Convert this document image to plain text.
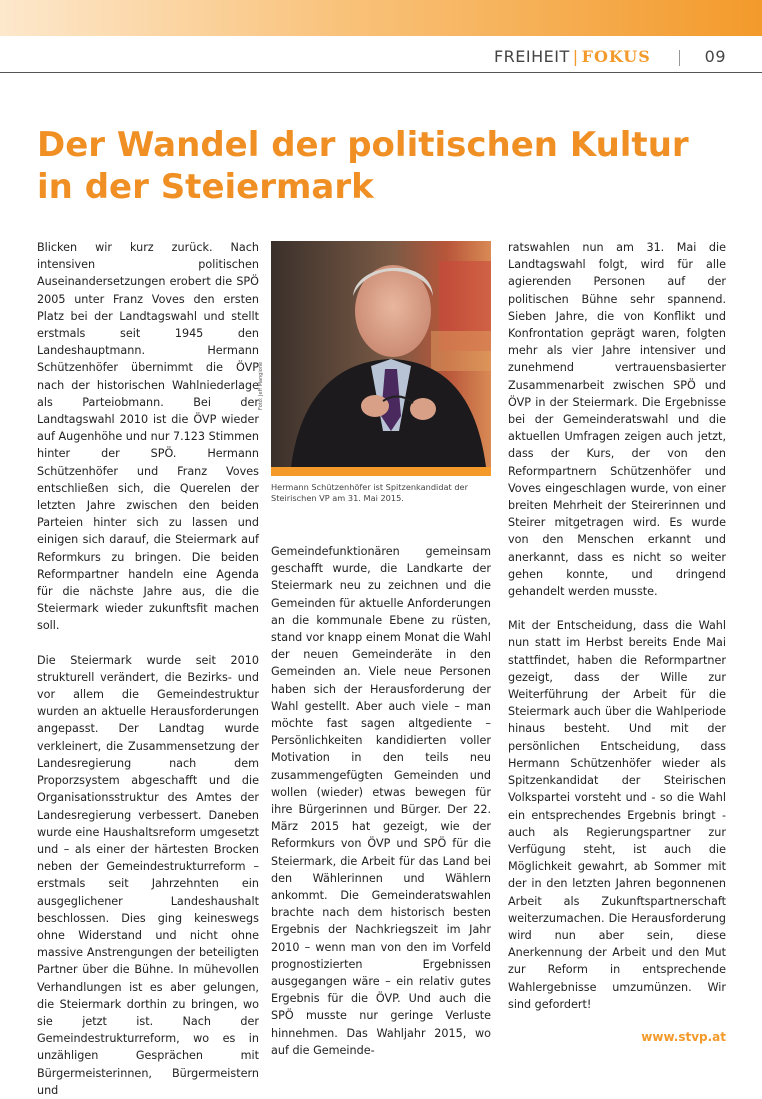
FREIHEIT | FOKUS | 09
Der Wandel der politischen Kultur
in der Steiermark

Blicken wir kurz zurück. Nach intensiven politischen Auseinandersetzungen erobert die SPÖ 2005 unter Franz Voves den ersten Platz bei der Landtagswahl und stellt erstmals seit 1945 den Landeshauptmann. Hermann Schützenhöfer übernimmt die ÖVP nach der historischen Wahlniederlage als Parteiobmann. Bei der Landtagswahl 2010 ist die ÖVP wieder auf Augenhöhe und nur 7.123 Stimmen hinter der SPÖ. Hermann Schützenhöfer und Franz Voves entschließen sich, die Querelen der letzten Jahre zwischen den beiden Parteien hinter sich zu lassen und einigen sich darauf, die Steiermark auf Reformkurs zu bringen. Die beiden Reformpartner handeln eine Agenda für die nächste Jahre aus, die die Steiermark wieder zukunftsfit machen soll.

Die Steiermark wurde seit 2010 strukturell verändert, die Bezirks- und vor allem die Gemeindestruktur wurden an aktuelle Herausforderungen angepasst. Der Landtag wurde verkleinert, die Zusammensetzung der Landesregierung nach dem Proporzsystem abgeschafft und die Organisationsstruktur des Amtes der Landesregierung verbessert. Daneben wurde eine Haushaltsreform umgesetzt und – als einer der härtesten Brocken neben der Gemeindestrukturreform – erstmals seit Jahrzehnten ein ausgeglichener Landeshaushalt beschlossen. Dies ging keineswegs ohne Widerstand und nicht ohne massive Anstrengungen der beteiligten Partner über die Bühne. In mühevollen Verhandlungen ist es aber gelungen, die Steiermark dorthin zu bringen, wo sie jetzt ist. Nach der Gemeindestrukturreform, wo es in unzähligen Gesprächen mit Bürgermeisterinnen, Bürgermeistern und

Foto: Jeff Mangione
Hermann Schützenhöfer ist Spitzenkandidat der Steirischen VP am 31. Mai 2015.

Gemeindefunktionären gemeinsam geschafft wurde, die Landkarte der Steiermark neu zu zeichnen und die Gemeinden für aktuelle Anforderungen an die kommunale Ebene zu rüsten, stand vor knapp einem Monat die Wahl der neuen Gemeinderäte in den Gemeinden an. Viele neue Personen haben sich der Herausforderung der Wahl gestellt. Aber auch viele – man möchte fast sagen altgediente – Persönlichkeiten kandidierten voller Motivation in den teils neu zusammengefügten Gemeinden und wollen (wieder) etwas bewegen für ihre Bürgerinnen und Bürger. Der 22. März 2015 hat gezeigt, wie der Reformkurs von ÖVP und SPÖ für die Steiermark, die Arbeit für das Land bei den Wählerinnen und Wählern ankommt. Die Gemeinderatswahlen brachte nach dem historisch besten Ergebnis der Nachkriegszeit im Jahr 2010 – wenn man von den im Vorfeld prognostizierten Ergebnissen ausgegangen wäre – ein relativ gutes Ergebnis für die ÖVP. Und auch die SPÖ musste nur geringe Verluste hinnehmen. Das Wahljahr 2015, wo auf die Gemeinde-

ratswahlen nun am 31. Mai die Landtagswahl folgt, wird für alle agierenden Personen auf der politischen Bühne sehr spannend. Sieben Jahre, die von Konflikt und Konfrontation geprägt waren, folgten mehr als vier Jahre intensiver und zunehmend vertrauensbasierter Zusammenarbeit zwischen SPÖ und ÖVP in der Steiermark. Die Ergebnisse bei der Gemeinderatswahl und die aktuellen Umfragen zeigen auch jetzt, dass der Kurs, der von den Reformpartnern Schützenhöfer und Voves eingeschlagen wurde, von einer breiten Mehrheit der Steirerinnen und Steirer mitgetragen wird. Es wurde von den Menschen erkannt und anerkannt, dass es nicht so weiter gehen konnte, und dringend gehandelt werden musste.

Mit der Entscheidung, dass die Wahl nun statt im Herbst bereits Ende Mai stattfindet, haben die Reformpartner gezeigt, dass der Wille zur Weiterführung der Arbeit für die Steiermark auch über die Wahlperiode hinaus besteht. Und mit der persönlichen Entscheidung, dass Hermann Schützenhöfer wieder als Spitzenkandidat der Steirischen Volkspartei vorsteht und - so die Wahl ein entsprechendes Ergebnis bringt - auch als Regierungspartner zur Verfügung steht, ist auch die Möglichkeit gewahrt, ab Sommer mit der in den letzten Jahren begonnenen Arbeit als Zukunftspartnerschaft weiterzumachen. Die Herausforderung wird nun aber sein, diese Anerkennung der Arbeit und den Mut zur Reform in entsprechende Wahlergebnisse umzumünzen. Wir sind gefordert!

www.stvp.at
